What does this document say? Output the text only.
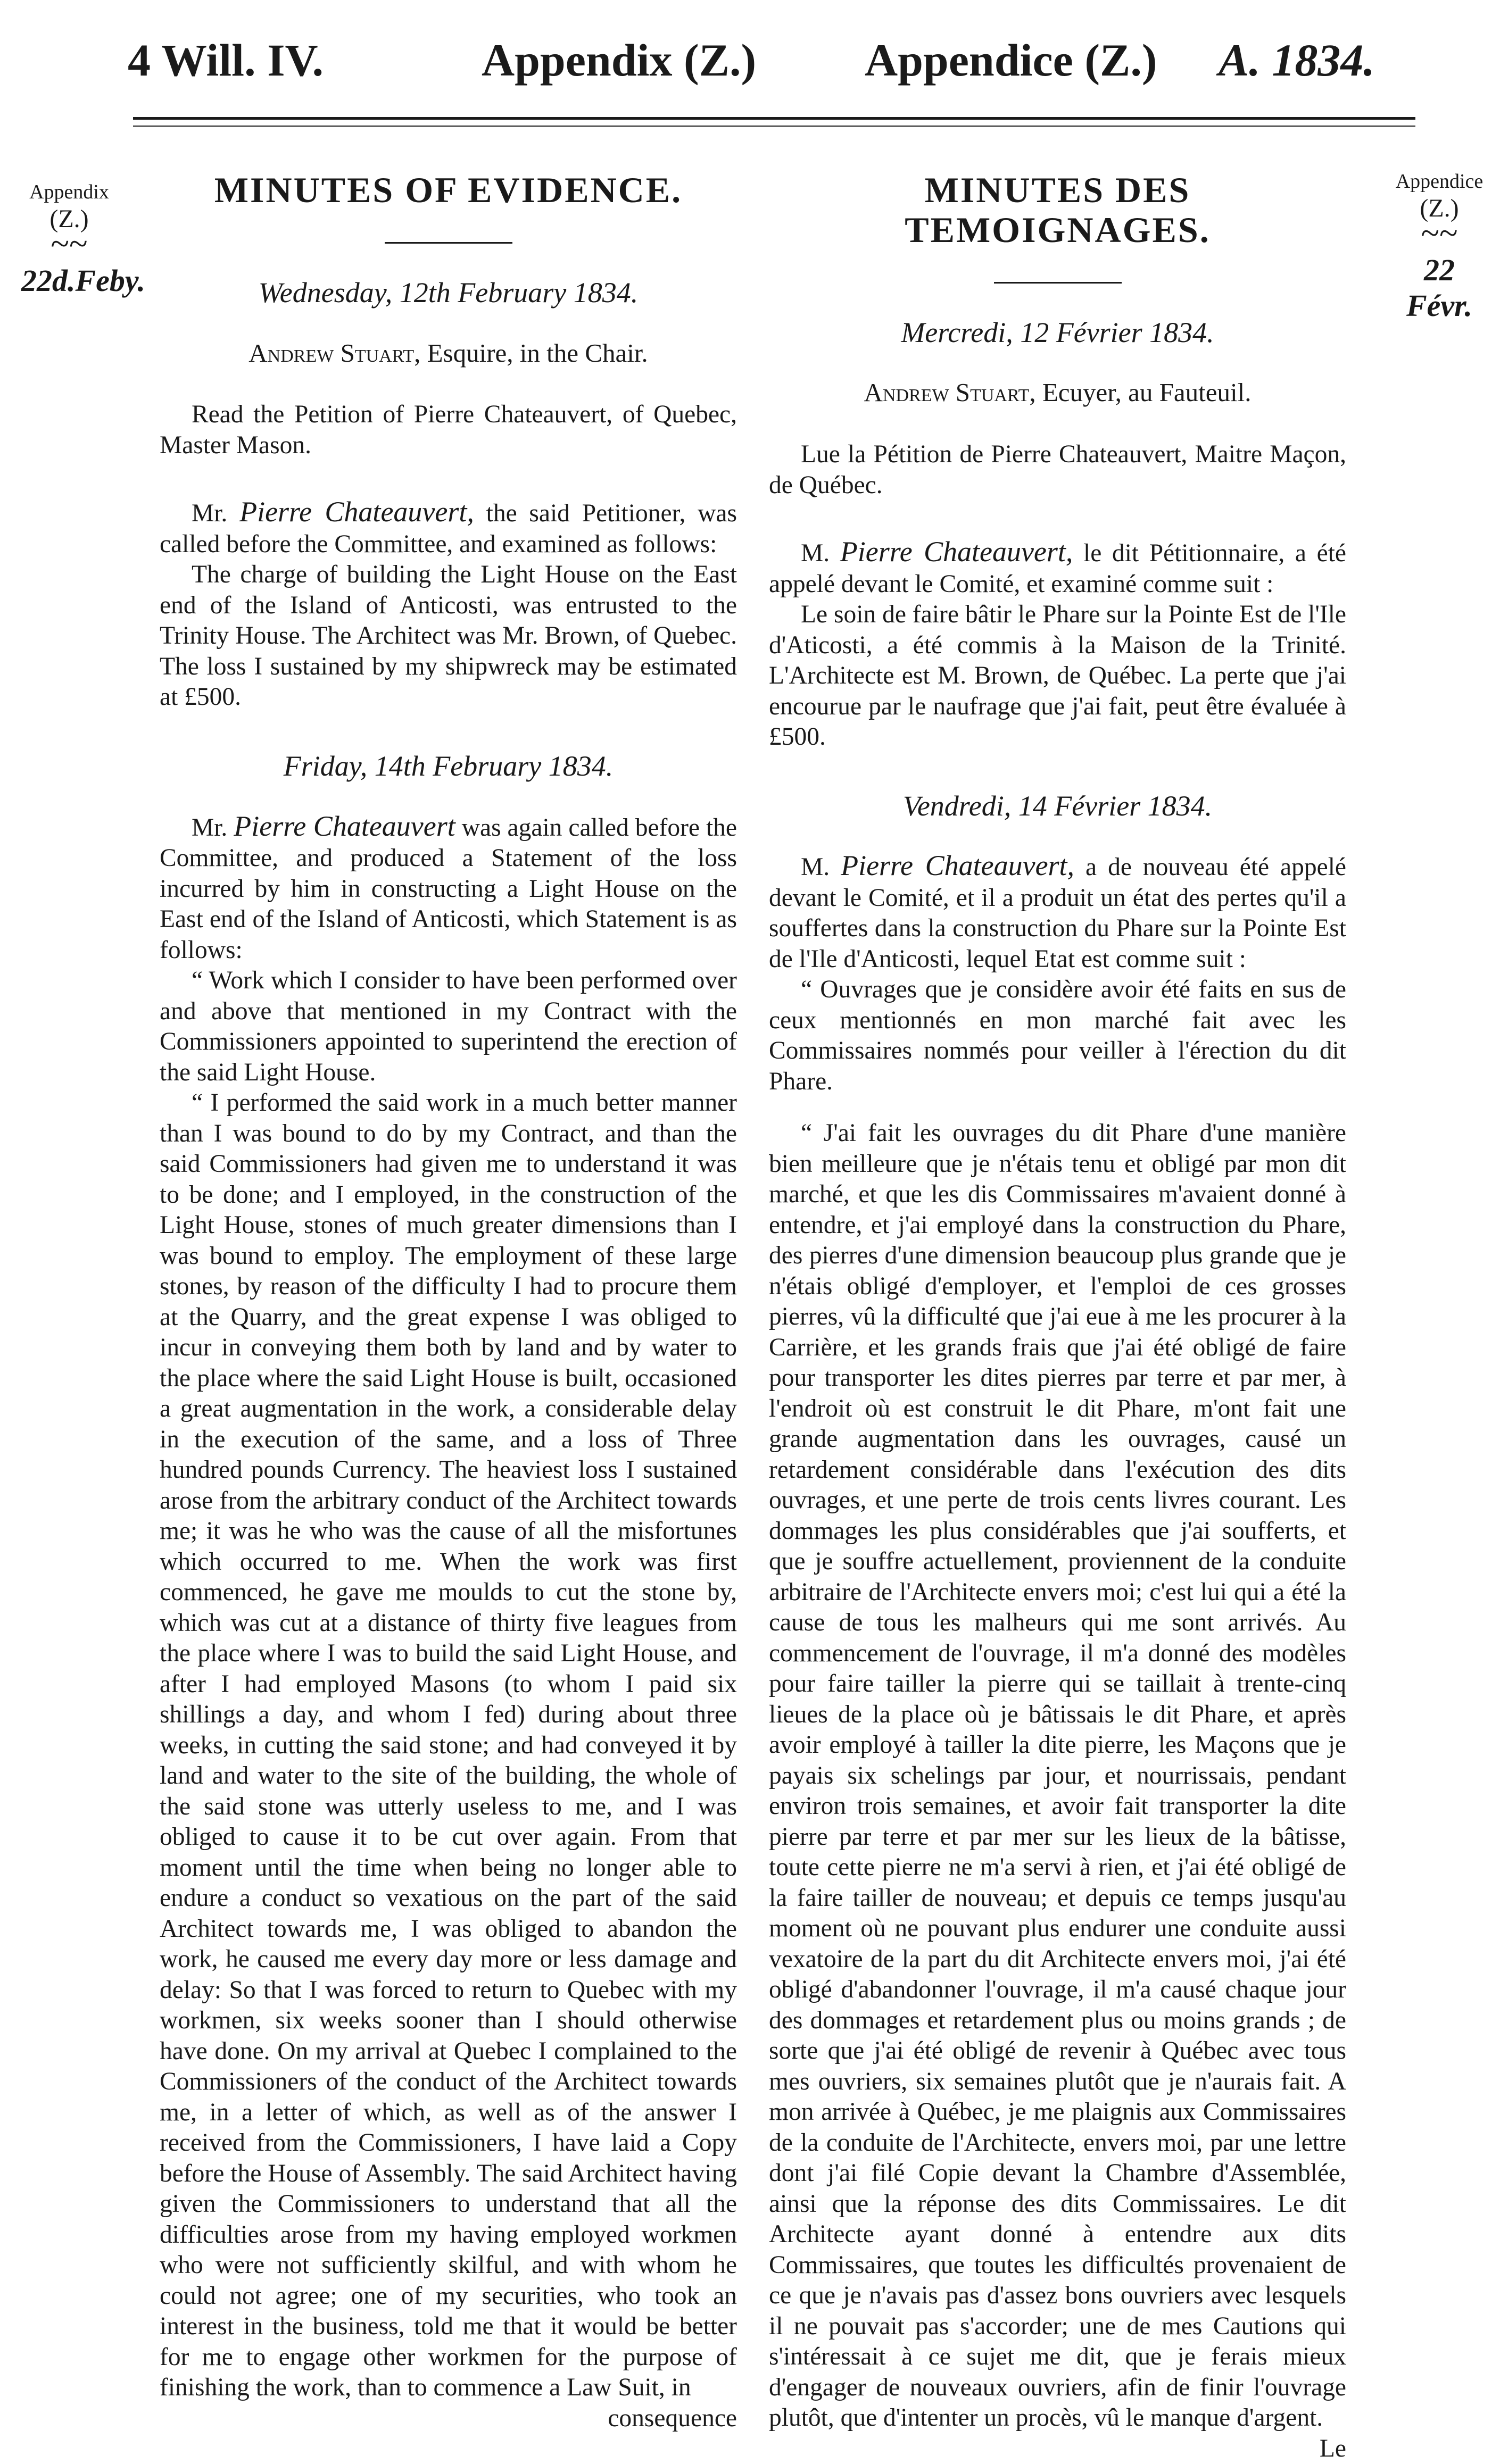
4 Will. IV.	Appendix (Z.) Appendice (Z.) A. 1834.
Appendix
(Z.)
~~
22d.Feby.
Appendice
(Z.)
~~
22 Févr.
MINUTES OF EVIDENCE.
Wednesday, 12th February 1834.
Andrew Stuart, Esquire, in the Chair.

Read the Petition of Pierre Chateauvert, of Quebec, Master Mason.

Mr. Pierre Chateauvert, the said Petitioner, was called before the Committee, and examined as follows:

The charge of building the Light House on the East end of the Island of Anticosti, was entrusted to the Trinity House. The Architect was Mr. Brown, of Quebec. The loss I sustained by my shipwreck may be estimated at £500.

Friday, 14th February 1834.

Mr. Pierre Chateauvert was again called before the Committee, and produced a Statement of the loss incurred by him in constructing a Light House on the East end of the Island of Anticosti, which Statement is as follows:

“ Work which I consider to have been performed over and above that mentioned in my Contract with the Commissioners appointed to superintend the erection of the said Light House.

“ I performed the said work in a much better manner than I was bound to do by my Contract, and than the said Commissioners had given me to understand it was to be done; and I employed, in the construction of the Light House, stones of much greater dimensions than I was bound to employ. The employment of these large stones, by reason of the difficulty I had to procure them at the Quarry, and the great expense I was obliged to incur in conveying them both by land and by water to the place where the said Light House is built, occasioned a great augmentation in the work, a considerable delay in the execution of the same, and a loss of Three hundred pounds Currency. The heaviest loss I sustained arose from the arbitrary conduct of the Architect towards me; it was he who was the cause of all the misfortunes which occurred to me. When the work was first commenced, he gave me moulds to cut the stone by, which was cut at a distance of thirty five leagues from the place where I was to build the said Light House, and after I had employed Masons (to whom I paid six shillings a day, and whom I fed) during about three weeks, in cutting the said stone; and had conveyed it by land and water to the site of the building, the whole of the said stone was utterly useless to me, and I was obliged to cause it to be cut over again. From that moment until the time when being no longer able to endure a conduct so vexatious on the part of the said Architect towards me, I was obliged to abandon the work, he caused me every day more or less damage and delay: So that I was forced to return to Quebec with my workmen, six weeks sooner than I should otherwise have done. On my arrival at Quebec I complained to the Commissioners of the conduct of the Architect towards me, in a letter of which, as well as of the answer I received from the Commissioners, I have laid a Copy before the House of Assembly. The said Architect having given the Commissioners to understand that all the difficulties arose from my having employed workmen who were not sufficiently skilful, and with whom he could not agree; one of my securities, who took an interest in the business, told me that it would be better for me to engage other workmen for the purpose of finishing the work, than to commence a Law Suit, in

consequence

MINUTES DES TEMOIGNAGES.
Mercredi, 12 Février 1834.
Andrew Stuart, Ecuyer, au Fauteuil.

Lue la Pétition de Pierre Chateauvert, Maitre Maçon, de Québec.

M. Pierre Chateauvert, le dit Pétitionnaire, a été appelé devant le Comité, et examiné comme suit :

Le soin de faire bâtir le Phare sur la Pointe Est de l'Ile d'Aticosti, a été commis à la Maison de la Trinité. L'Architecte est M. Brown, de Québec. La perte que j'ai encourue par le naufrage que j'ai fait, peut être évaluée à £500.

Vendredi, 14 Février 1834.

M. Pierre Chateauvert, a de nouveau été appelé devant le Comité, et il a produit un état des pertes qu'il a souffertes dans la construction du Phare sur la Pointe Est de l'Ile d'Anticosti, lequel Etat est comme suit :

“ Ouvrages que je considère avoir été faits en sus de ceux mentionnés en mon marché fait avec les Commissaires nommés pour veiller à l'érection du dit Phare.

“ J'ai fait les ouvrages du dit Phare d'une manière bien meilleure que je n'étais tenu et obligé par mon dit marché, et que les dis Commissaires m'avaient donné à entendre, et j'ai employé dans la construction du Phare, des pierres d'une dimension beaucoup plus grande que je n'étais obligé d'employer, et l'emploi de ces grosses pierres, vû la difficulté que j'ai eue à me les procurer à la Carrière, et les grands frais que j'ai été obligé de faire pour transporter les dites pierres par terre et par mer, à l'endroit où est construit le dit Phare, m'ont fait une grande augmentation dans les ouvrages, causé un retardement considérable dans l'exécution des dits ouvrages, et une perte de trois cents livres courant. Les dommages les plus considérables que j'ai soufferts, et que je souffre actuellement, proviennent de la conduite arbitraire de l'Architecte envers moi; c'est lui qui a été la cause de tous les malheurs qui me sont arrivés. Au commencement de l'ouvrage, il m'a donné des modèles pour faire tailler la pierre qui se taillait à trente-cinq lieues de la place où je bâtissais le dit Phare, et après avoir employé à tailler la dite pierre, les Maçons que je payais six schelings par jour, et nourrissais, pendant environ trois semaines, et avoir fait transporter la dite pierre par terre et par mer sur les lieux de la bâtisse, toute cette pierre ne m'a servi à rien, et j'ai été obligé de la faire tailler de nouveau; et depuis ce temps jusqu'au moment où ne pouvant plus endurer une conduite aussi vexatoire de la part du dit Architecte envers moi, j'ai été obligé d'abandonner l'ouvrage, il m'a causé chaque jour des dommages et retardement plus ou moins grands ; de sorte que j'ai été obligé de revenir à Québec avec tous mes ouvriers, six semaines plutôt que je n'aurais fait. A mon arrivée à Québec, je me plaignis aux Commissaires de la conduite de l'Architecte, envers moi, par une lettre dont j'ai filé Copie devant la Chambre d'Assemblée, ainsi que la réponse des dits Commissaires. Le dit Architecte ayant donné à entendre aux dits Commissaires, que toutes les difficultés provenaient de ce que je n'avais pas d'assez bons ouvriers avec lesquels il ne pouvait pas s'accorder; une de mes Cautions qui s'intéressait à ce sujet me dit, que je ferais mieux d'engager de nouveaux ouvriers, afin de finir l'ouvrage plutôt, que d'intenter un procès, vû le manque d'argent.

Le
